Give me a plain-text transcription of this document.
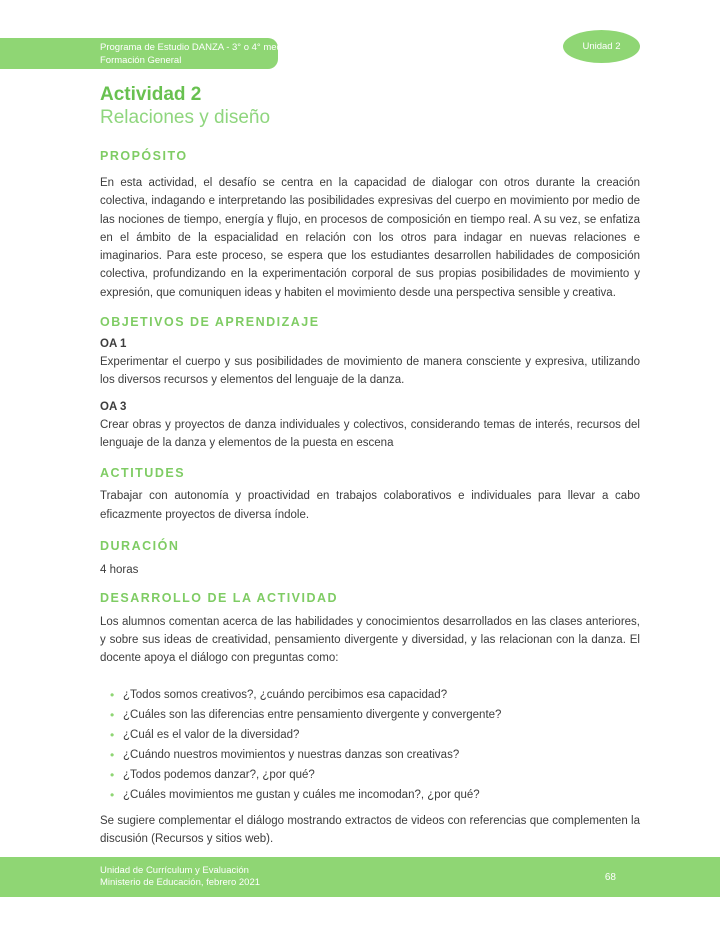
Programa de Estudio DANZA - 3° o 4° medio
Formación General
Unidad 2
Actividad 2
Relaciones y diseño
PROPÓSITO

En esta actividad, el desafío se centra en la capacidad de dialogar con otros durante la creación colectiva, indagando e interpretando las posibilidades expresivas del cuerpo en movimiento por medio de las nociones de tiempo, energía y flujo, en procesos de composición en tiempo real. A su vez, se enfatiza en el ámbito de la espacialidad en relación con los otros para indagar en nuevas relaciones e imaginarios. Para este proceso, se espera que los estudiantes desarrollen habilidades de composición colectiva, profundizando en la experimentación corporal de sus propias posibilidades de movimiento y expresión, que comuniquen ideas y habiten el movimiento desde una perspectiva sensible y creativa.

OBJETIVOS DE APRENDIZAJE

OA 1

Experimentar el cuerpo y sus posibilidades de movimiento de manera consciente y expresiva, utilizando los diversos recursos y elementos del lenguaje de la danza.

OA 3

Crear obras y proyectos de danza individuales y colectivos, considerando temas de interés, recursos del lenguaje de la danza y elementos de la puesta en escena

ACTITUDES

Trabajar con autonomía y proactividad en trabajos colaborativos e individuales para llevar a cabo eficazmente proyectos de diversa índole.

DURACIÓN

4 horas

DESARROLLO DE LA ACTIVIDAD

Los alumnos comentan acerca de las habilidades y conocimientos desarrollados en las clases anteriores, y sobre sus ideas de creatividad, pensamiento divergente y diversidad, y las relacionan con la danza. El docente apoya el diálogo con preguntas como:

• ¿Todos somos creativos?, ¿cuándo percibimos esa capacidad?
• ¿Cuáles son las diferencias entre pensamiento divergente y convergente?
• ¿Cuál es el valor de la diversidad?
• ¿Cuándo nuestros movimientos y nuestras danzas son creativas?
• ¿Todos podemos danzar?, ¿por qué?
• ¿Cuáles movimientos me gustan y cuáles me incomodan?, ¿por qué?

Se sugiere complementar el diálogo mostrando extractos de videos con referencias que complementen la discusión (Recursos y sitios web).

Unidad de Currículum y Evaluación
Ministerio de Educación, febrero 2021	68
